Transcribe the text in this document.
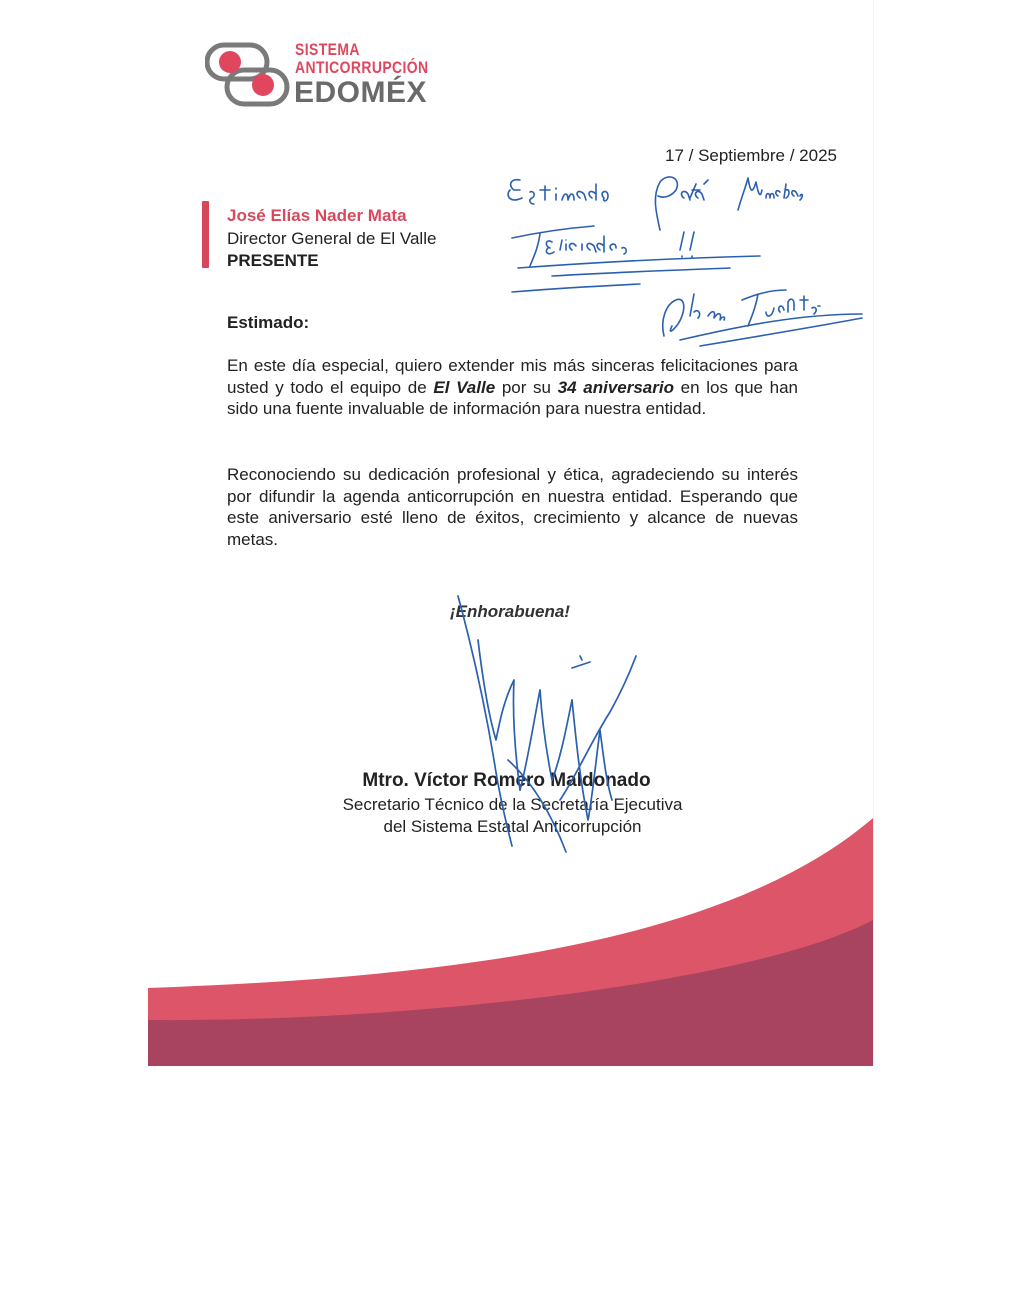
SISTEMA
ANTICORRUPCIÓN
EDOMÉX
17 / Septiembre / 2025
José Elías Nader Mata
Director General de El Valle
PRESENTE
Estimado:
En este día especial, quiero extender mis más sinceras felicitaciones para usted y todo el equipo de El Valle por su 34 aniversario en los que han sido una fuente invaluable de información para nuestra entidad.
Reconociendo su dedicación profesional y ética, agradeciendo su interés por difundir la agenda anticorrupción en nuestra entidad. Esperando que este aniversario esté lleno de éxitos, crecimiento y alcance de nuevas metas.
¡Enhorabuena!
Mtro. Víctor Romero Maldonado
Secretario Técnico de la Secretaría Ejecutiva
del Sistema Estatal Anticorrupción
